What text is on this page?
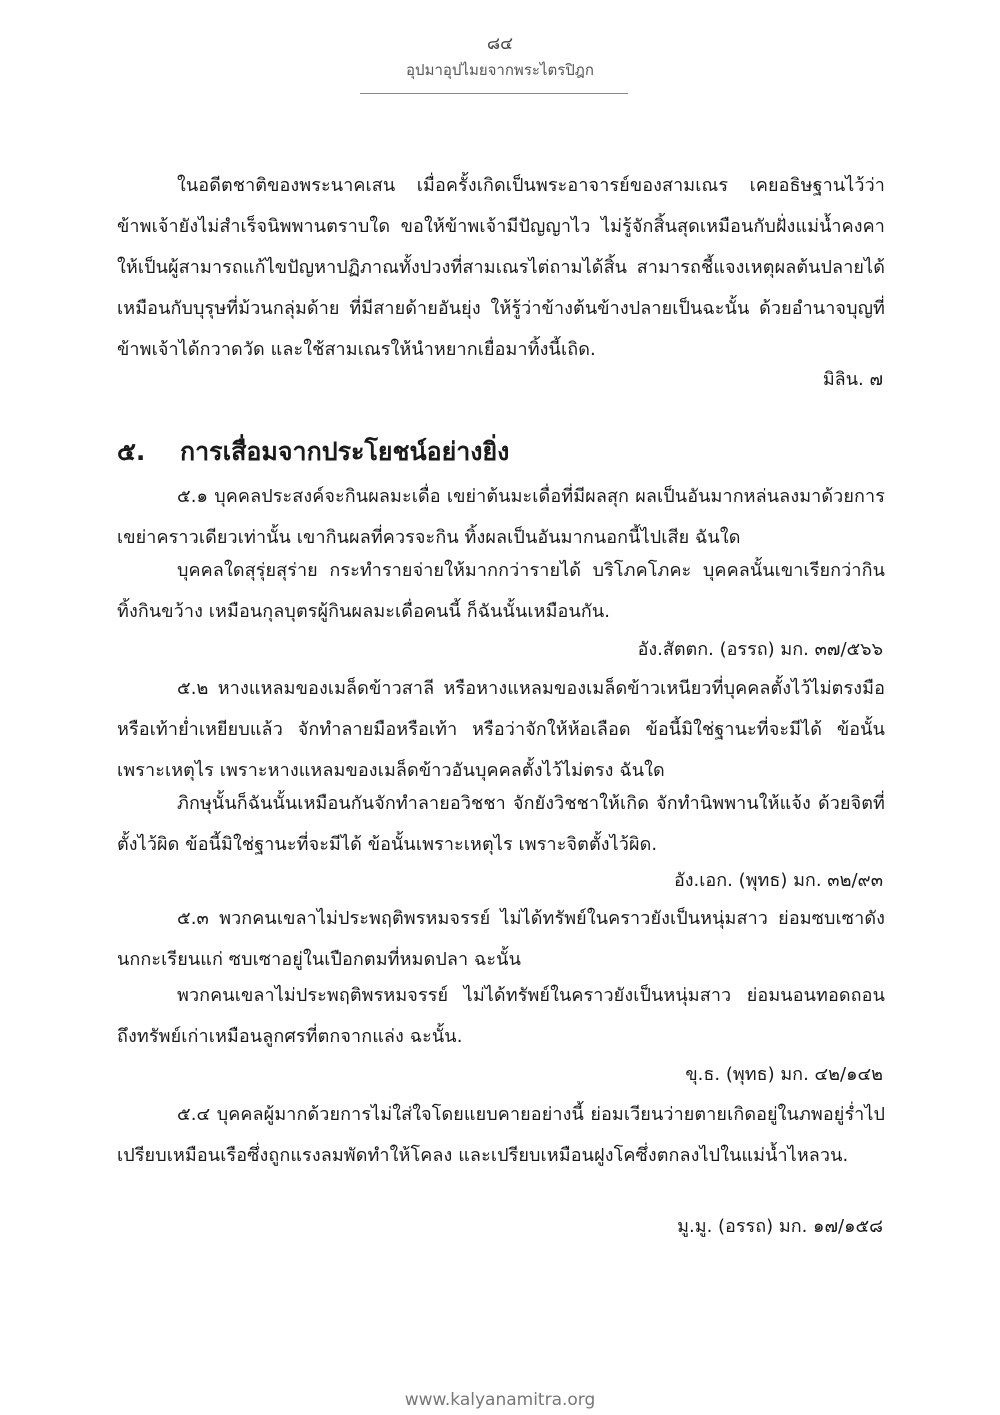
๘๔
อุปมาอุปไมยจากพระไตรปิฎก

ในอดีตชาติของพระนาคเสน เมื่อครั้งเกิดเป็นพระอาจารย์ของสามเณร เคยอธิษฐานไว้ว่า ข้าพเจ้ายังไม่สำเร็จนิพพานตราบใด ขอให้ข้าพเจ้ามีปัญญาไว ไม่รู้จักสิ้นสุดเหมือนกับฝั่งแม่น้ำคงคา ให้เป็นผู้สามารถแก้ไขปัญหาปฏิภาณทั้งปวงที่สามเณรไต่ถามได้สิ้น สามารถชี้แจงเหตุผลต้นปลายได้ เหมือนกับบุรุษที่ม้วนกลุ่มด้าย ที่มีสายด้ายอันยุ่ง ให้รู้ว่าข้างต้นข้างปลายเป็นฉะนั้น ด้วยอำนาจบุญที่ข้าพเจ้าได้กวาดวัด และใช้สามเณรให้นำหยากเยื่อมาทิ้งนี้เถิด.

มิลิน. ๗
๕. การเสื่อมจากประโยชน์อย่างยิ่ง

๕.๑ บุคคลประสงค์จะกินผลมะเดื่อ เขย่าต้นมะเดื่อที่มีผลสุก ผลเป็นอันมากหล่นลงมาด้วยการเขย่าคราวเดียวเท่านั้น เขากินผลที่ควรจะกิน ทิ้งผลเป็นอันมากนอกนี้ไปเสีย ฉันใด

บุคคลใดสุรุ่ยสุร่าย กระทำรายจ่ายให้มากกว่ารายได้ บริโภคโภคะ บุคคลนั้นเขาเรียกว่ากินทิ้งกินขว้าง เหมือนกุลบุตรผู้กินผลมะเดื่อคนนี้ ก็ฉันนั้นเหมือนกัน.

อัง.สัตตก. (อรรถ) มก. ๓๗/๕๖๖

๕.๒ หางแหลมของเมล็ดข้าวสาลี หรือหางแหลมของเมล็ดข้าวเหนียวที่บุคคลตั้งไว้ไม่ตรงมือหรือเท้าย่ำเหยียบแล้ว จักทำลายมือหรือเท้า หรือว่าจักให้ห้อเลือด ข้อนี้มิใช่ฐานะที่จะมีได้ ข้อนั้นเพราะเหตุไร เพราะหางแหลมของเมล็ดข้าวอันบุคคลตั้งไว้ไม่ตรง ฉันใด

ภิกษุนั้นก็ฉันนั้นเหมือนกันจักทำลายอวิชชา จักยังวิชชาให้เกิด จักทำนิพพานให้แจ้ง ด้วยจิตที่ตั้งไว้ผิด ข้อนี้มิใช่ฐานะที่จะมีได้ ข้อนั้นเพราะเหตุไร เพราะจิตตั้งไว้ผิด.

อัง.เอก. (พุทธ) มก. ๓๒/๙๓

๕.๓ พวกคนเขลาไม่ประพฤติพรหมจรรย์ ไม่ได้ทรัพย์ในคราวยังเป็นหนุ่มสาว ย่อมซบเซาดังนกกะเรียนแก่ ซบเซาอยู่ในเปือกตมที่หมดปลา ฉะนั้น

พวกคนเขลาไม่ประพฤติพรหมจรรย์ ไม่ได้ทรัพย์ในคราวยังเป็นหนุ่มสาว ย่อมนอนทอดถอนถึงทรัพย์เก่าเหมือนลูกศรที่ตกจากแล่ง ฉะนั้น.

ขุ.ธ. (พุทธ) มก. ๔๒/๑๔๒

๕.๔ บุคคลผู้มากด้วยการไม่ใส่ใจโดยแยบคายอย่างนี้ ย่อมเวียนว่ายตายเกิดอยู่ในภพอยู่ร่ำไป เปรียบเหมือนเรือซึ่งถูกแรงลมพัดทำให้โคลง และเปรียบเหมือนฝูงโคซึ่งตกลงไปในแม่น้ำไหลวน.

มู.มู. (อรรถ) มก. ๑๗/๑๕๘
www.kalyanamitra.org
